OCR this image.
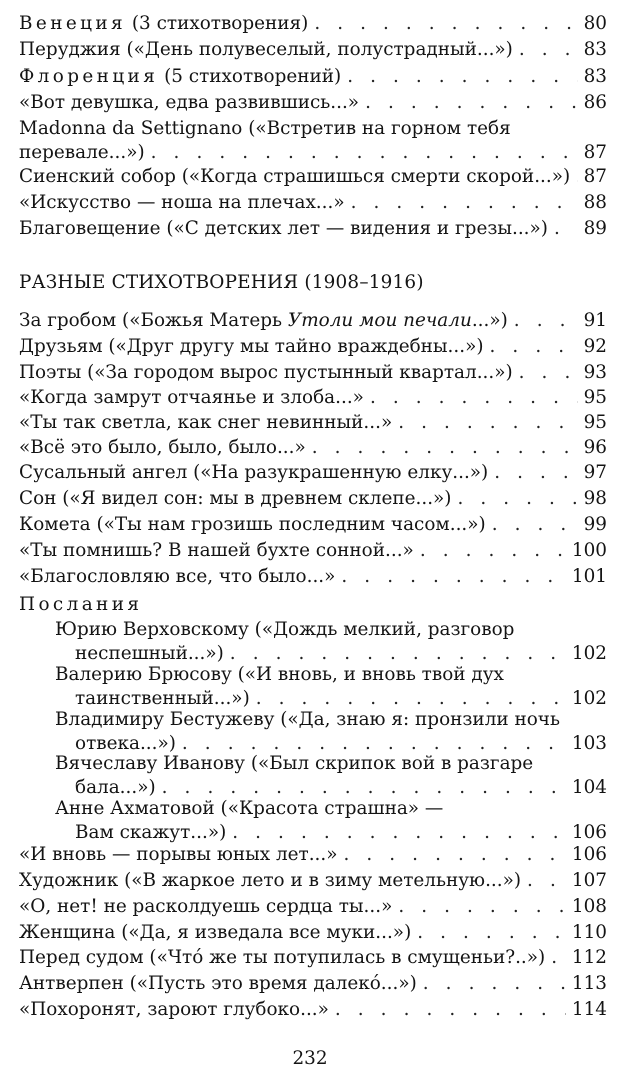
Венеция (3 стихотворения) . . .	80
Перуджия («День полувеселый, полустрадный...») . . .	83
Флоренция (5 стихотворений) . . .	83
«Вот девушка, едва развившись...» . . .	86
Madonna da Settignano («Встретив на горном тебя
перевале...») . . .	87
Сиенский собор («Когда страшишься смерти скорой...») . . . 87
«Искусство — ноша на плечах...» . . .	88
Благовещение («С детских лет — видения и грезы...») . . . 89
РАЗНЫЕ СТИХОТВОРЕНИЯ (1908–1916)
За гробом («Божья Матерь Утоли мои печали...») . . .	91
Друзьям («Друг другу мы тайно враждебны...») . . .	92
Поэты («За городом вырос пустынный квартал...») . . .	93
«Когда замрут отчаянье и злоба...» . . .	95
«Ты так светла, как снег невинный...» . . .	95
«Всё это было, было, было...» . . .	96
Сусальный ангел («На разукрашенную елку...») . . .	97
Сон («Я видел сон: мы в древнем склепе...») . . .	98
Комета («Ты нам грозишь последним часом...») . . .	99
«Ты помнишь? В нашей бухте сонной...» . . .	100
«Благословляю все, что было...» . . .	101
Послания
Юрию Верховскому («Дождь мелкий, разговор
неспешный...») . . .	102
Валерию Брюсову («И вновь, и вновь твой дух
таинственный...») . . .	102
Владимиру Бестужеву («Да, знаю я: пронзили ночь
отвека...») . . .	103
Вячеславу Иванову («Был скрипок вой в разгаре
бала...») . . .	104
Анне Ахматовой («Красота страшна» —
Вам скажут...») . . .	106
«И вновь — порывы юных лет...» . . .	106
Художник («В жаркое лето и в зиму метельную...») . . .	107
«О, нет! не расколдуешь сердца ты...» . . .	108
Женщина («Да, я изведала все муки...») . . .	110
Перед судом («Что́ же ты потупилась в смущеньи?..») . . . 112
Антверпен («Пусть это время далеко́...») . . .	113
«Похоронят, зароют глубоко...» . . .	114
232
